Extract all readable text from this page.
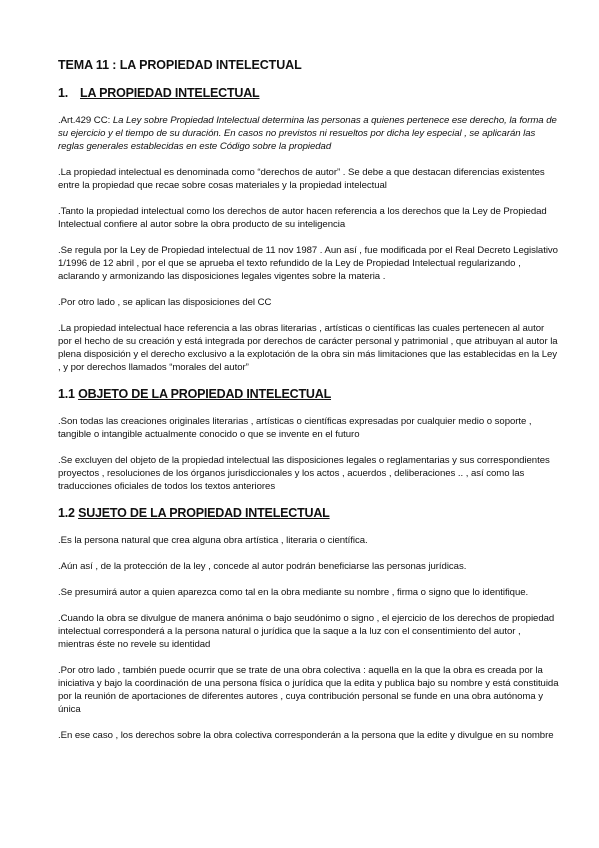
TEMA 11 : LA PROPIEDAD INTELECTUAL
1. LA PROPIEDAD INTELECTUAL

.Art.429 CC: La Ley sobre Propiedad Intelectual determina las personas a quienes pertenece ese derecho, la forma de su ejercicio y el tiempo de su duración. En casos no previstos ni resueltos por dicha ley especial , se aplicarán las reglas generales establecidas en este Código sobre la propiedad

.La propiedad intelectual es denominada como “derechos de autor” . Se debe a que destacan diferencias existentes entre la propiedad que recae sobre cosas materiales y la propiedad intelectual

.Tanto la propiedad intelectual como los derechos de autor hacen referencia a los derechos que la Ley de Propiedad Intelectual confiere al autor sobre la obra producto de su inteligencia

.Se regula por la Ley de Propiedad intelectual de 11 nov 1987 . Aun así , fue modificada por el Real Decreto Legislativo 1/1996 de 12 abril , por el que se aprueba el texto refundido de la Ley de Propiedad Intelectual regularizando , aclarando y armonizando las disposiciones legales vigentes sobre la materia .

.Por otro lado , se aplican las disposiciones del CC

.La propiedad intelectual hace referencia a las obras literarias , artísticas o científicas las cuales pertenecen al autor por el hecho de su creación y está integrada por derechos de carácter personal y patrimonial , que atribuyan al autor la plena disposición y el derecho exclusivo a la explotación de la obra sin más limitaciones que las establecidas en la Ley , y por derechos llamados “morales del autor”

1.1 OBJETO DE LA PROPIEDAD INTELECTUAL

.Son todas las creaciones originales literarias , artísticas o científicas expresadas por cualquier medio o soporte , tangible o intangible actualmente conocido o que se invente en el futuro

.Se excluyen del objeto de la propiedad intelectual las disposiciones legales o reglamentarias y sus correspondientes proyectos , resoluciones de los órganos jurisdiccionales y los actos , acuerdos , deliberaciones .. , así como las traducciones oficiales de todos los textos anteriores

1.2 SUJETO DE LA PROPIEDAD INTELECTUAL

.Es la persona natural que crea alguna obra artística , literaria o científica.

.Aún así , de la protección de la ley , concede al autor podrán beneficiarse las personas jurídicas.

.Se presumirá autor a quien aparezca como tal en la obra mediante su nombre , firma o signo que lo identifique.

.Cuando la obra se divulgue de manera anónima o bajo seudónimo o signo , el ejercicio de los derechos de propiedad intelectual corresponderá a la persona natural o jurídica que la saque a la luz con el consentimiento del autor , mientras éste no revele su identidad

.Por otro lado , también puede ocurrir que se trate de una obra colectiva : aquella en la que la obra es creada por la iniciativa y bajo la coordinación de una persona física o jurídica que la edita y publica bajo su nombre y está constituida por la reunión de aportaciones de diferentes autores , cuya contribución personal se funde en una obra autónoma y única

.En ese caso , los derechos sobre la obra colectiva corresponderán a la persona que la edite y divulgue en su nombre
